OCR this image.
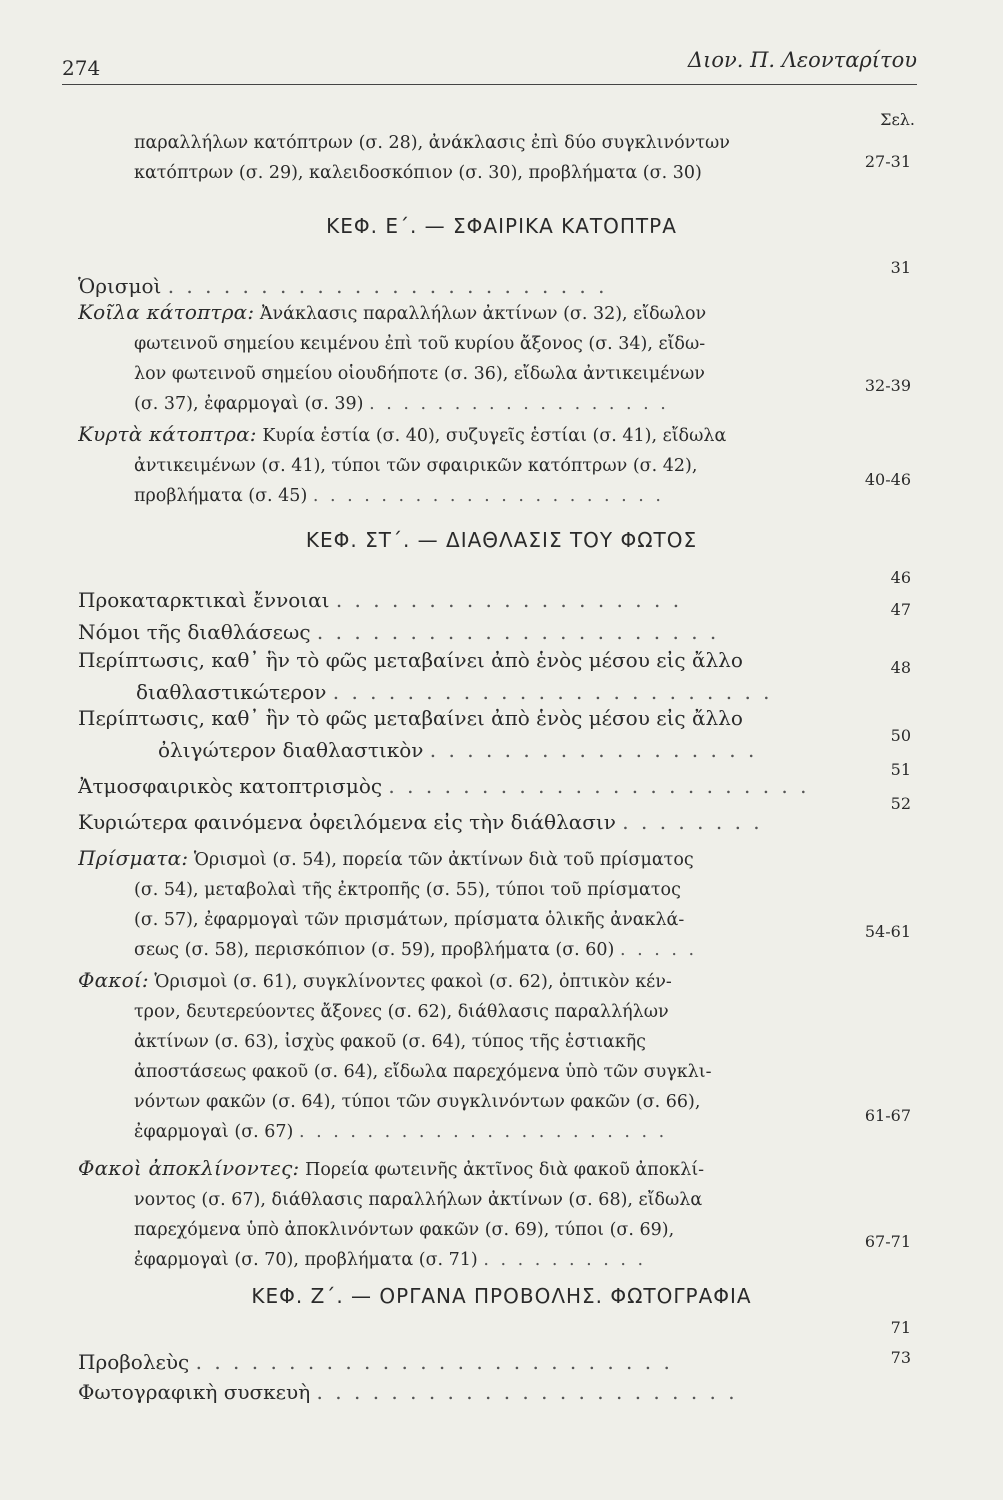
274	Διον. Π. Λεονταρίτου
Σελ.
παραλλήλων κατόπτρων (σ. 28), ἀνάκλασις ἐπὶ δύο συγκλινόντων
κατόπτρων (σ. 29), καλειδοσκόπιον (σ. 30), προβλήματα (σ. 30)
27-31
ΚΕΦ. Ε΄. — ΣΦΑΙΡΙΚΑ ΚΑΤΟΠΤΡΑ
Ὁρισμοὶ . . . . . . . . . . . . . . . . . . . . . . . .
31
Κοῖλα κάτοπτρα: Ἀνάκλασις παραλλήλων ἀκτίνων (σ. 32), εἴδωλον
φωτεινοῦ σημείου κειμένου ἐπὶ τοῦ κυρίου ἄξονος (σ. 34), εἴδω-
λον φωτεινοῦ σημείου οἱουδήποτε (σ. 36), εἴδωλα ἀντικειμένων
(σ. 37), ἐφαρμογαὶ (σ. 39) . . . . . . . . . . . . . . . . . .
32-39
Κυρτὰ κάτοπτρα: Κυρία ἑστία (σ. 40), συζυγεῖς ἑστίαι (σ. 41), εἴδωλα
ἀντικειμένων (σ. 41), τύποι τῶν σφαιρικῶν κατόπτρων (σ. 42),
προβλήματα (σ. 45) . . . . . . . . . . . . . . . . . . . . .
40-46
ΚΕΦ. ΣΤ΄. — ΔΙΑΘΛΑΣΙΣ ΤΟΥ ΦΩΤΟΣ
Προκαταρκτικαὶ ἔννοιαι . . . . . . . . . . . . . . . . . . .
46
Νόμοι τῆς διαθλάσεως . . . . . . . . . . . . . . . . . . . . . .
47
Περίπτωσις, καθ᾽ ἣν τὸ φῶς μεταβαίνει ἀπὸ ἑνὸς μέσου εἰς ἄλλο
διαθλαστικώτερον . . . . . . . . . . . . . . . . . . . . . . . .
48
Περίπτωσις, καθ᾽ ἣν τὸ φῶς μεταβαίνει ἀπὸ ἑνὸς μέσου εἰς ἄλλο
ὀλιγώτερον διαθλαστικὸν . . . . . . . . . . . . . . . . . .
50
Ἀτμοσφαιρικὸς κατοπτρισμὸς . . . . . . . . . . . . . . . . . . . . . . .
51
Κυριώτερα φαινόμενα ὀφειλόμενα εἰς τὴν διάθλασιν . . . . . . . .
52
Πρίσματα: Ὁρισμοὶ (σ. 54), πορεία τῶν ἀκτίνων διὰ τοῦ πρίσματος
(σ. 54), μεταβολαὶ τῆς ἐκτροπῆς (σ. 55), τύποι τοῦ πρίσματος
(σ. 57), ἐφαρμογαὶ τῶν πρισμάτων, πρίσματα ὁλικῆς ἀνακλά-
σεως (σ. 58), περισκόπιον (σ. 59), προβλήματα (σ. 60) . . . . .
54-61
Φακοί: Ὁρισμοὶ (σ. 61), συγκλίνοντες φακοὶ (σ. 62), ὀπτικὸν κέν-
τρον, δευτερεύοντες ἄξονες (σ. 62), διάθλασις παραλλήλων
ἀκτίνων (σ. 63), ἰσχὺς φακοῦ (σ. 64), τύπος τῆς ἑστιακῆς
ἀποστάσεως φακοῦ (σ. 64), εἴδωλα παρεχόμενα ὑπὸ τῶν συγκλι-
νόντων φακῶν (σ. 64), τύποι τῶν συγκλινόντων φακῶν (σ. 66),
ἐφαρμογαὶ (σ. 67) . . . . . . . . . . . . . . . . . . . . . .
61-67
Φακοὶ ἀποκλίνοντες: Πορεία φωτεινῆς ἀκτῖνος διὰ φακοῦ ἀποκλί-
νοντος (σ. 67), διάθλασις παραλλήλων ἀκτίνων (σ. 68), εἴδωλα
παρεχόμενα ὑπὸ ἀποκλινόντων φακῶν (σ. 69), τύποι (σ. 69),
ἐφαρμογαὶ (σ. 70), προβλήματα (σ. 71) . . . . . . . . . .
67-71
ΚΕΦ. Ζ΄. — ΟΡΓΑΝΑ ΠΡΟΒΟΛΗΣ. ΦΩΤΟΓΡΑΦΙΑ
Προβολεὺς . . . . . . . . . . . . . . . . . . . . . . . . . .
71
Φωτογραφικὴ συσκευὴ . . . . . . . . . . . . . . . . . . . . . . .
73
